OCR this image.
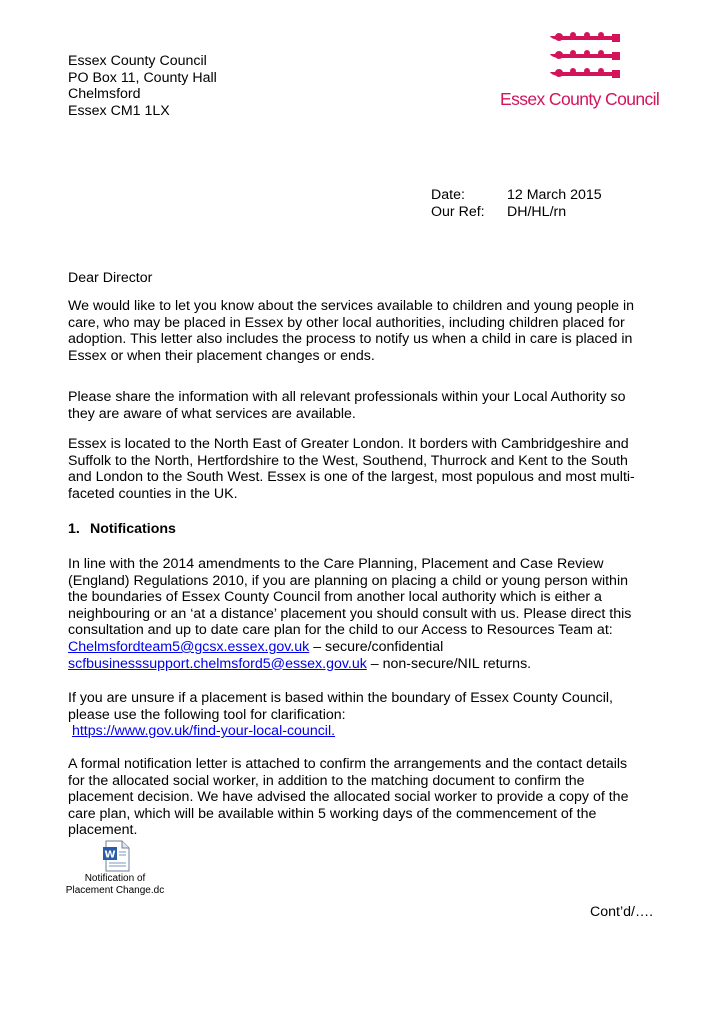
Essex County Council
PO Box 11, County Hall
Chelmsford
Essex CM1 1LX
Essex County Council
Date:	12 March 2015
Our Ref:	DH/HL/rn
Dear Director
We would like to let you know about the services available to children and young people in
care, who may be placed in Essex by other local authorities, including children placed for
adoption. This letter also includes the process to notify us when a child in care is placed in
Essex or when their placement changes or ends.
Please share the information with all relevant professionals within your Local Authority so
they are aware of what services are available.
Essex is located to the North East of Greater London. It borders with Cambridgeshire and
Suffolk to the North, Hertfordshire to the West, Southend, Thurrock and Kent to the South
and London to the South West. Essex is one of the largest, most populous and most multi-
faceted counties in the UK.
1. Notifications
In line with the 2014 amendments to the Care Planning, Placement and Case Review
(England) Regulations 2010, if you are planning on placing a child or young person within
the boundaries of Essex County Council from another local authority which is either a
neighbouring or an ‘at a distance’ placement you should consult with us. Please direct this
consultation and up to date care plan for the child to our Access to Resources Team at:
Chelmsfordteam5@gcsx.essex.gov.uk – secure/confidential
scfbusinesssupport.chelmsford5@essex.gov.uk – non-secure/NIL returns.
If you are unsure if a placement is based within the boundary of Essex County Council,
please use the following tool for clarification:
https://www.gov.uk/find-your-local-council.
A formal notification letter is attached to confirm the arrangements and the contact details
for the allocated social worker, in addition to the matching document to confirm the
placement decision. We have advised the allocated social worker to provide a copy of the
care plan, which will be available within 5 working days of the commencement of the
placement.
W
Notification of
Placement Change.dc
Cont’d/….
